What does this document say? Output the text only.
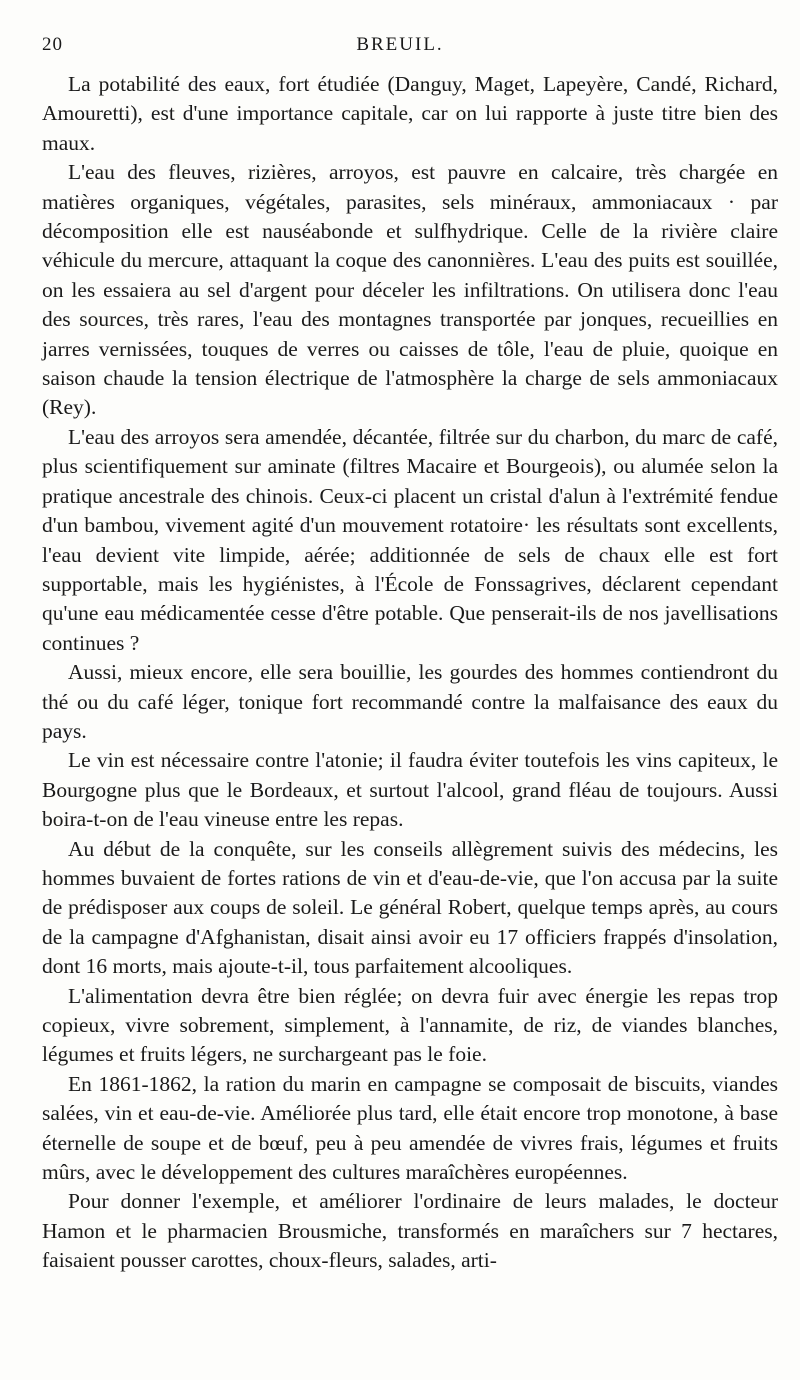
20	BREUIL.

La potabilité des eaux, fort étudiée (Danguy, Maget, Lapeyère, Candé, Richard, Amouretti), est d'une importance capitale, car on lui rapporte à juste titre bien des maux.

L'eau des fleuves, rizières, arroyos, est pauvre en calcaire, très chargée en matières organiques, végétales, parasites, sels minéraux, ammoniacaux · par décomposition elle est nauséabonde et sulfhydrique. Celle de la rivière claire véhicule du mercure, attaquant la coque des canonnières. L'eau des puits est souillée, on les essaiera au sel d'argent pour déceler les infiltrations. On utilisera donc l'eau des sources, très rares, l'eau des montagnes transportée par jonques, recueillies en jarres vernissées, touques de verres ou caisses de tôle, l'eau de pluie, quoique en saison chaude la tension électrique de l'atmosphère la charge de sels ammoniacaux (Rey).

L'eau des arroyos sera amendée, décantée, filtrée sur du charbon, du marc de café, plus scientifiquement sur aminate (filtres Macaire et Bourgeois), ou alumée selon la pratique ancestrale des chinois. Ceux-ci placent un cristal d'alun à l'extrémité fendue d'un bambou, vivement agité d'un mouvement rotatoire· les résultats sont excellents, l'eau devient vite limpide, aérée; additionnée de sels de chaux elle est fort supportable, mais les hygiénistes, à l'École de Fonssagrives, déclarent cependant qu'une eau médicamentée cesse d'être potable. Que penserait-ils de nos javellisations continues ?

Aussi, mieux encore, elle sera bouillie, les gourdes des hommes contiendront du thé ou du café léger, tonique fort recommandé contre la malfaisance des eaux du pays.

Le vin est nécessaire contre l'atonie; il faudra éviter toutefois les vins capiteux, le Bourgogne plus que le Bordeaux, et surtout l'alcool, grand fléau de toujours. Aussi boira-t-on de l'eau vineuse entre les repas.

Au début de la conquête, sur les conseils allègrement suivis des médecins, les hommes buvaient de fortes rations de vin et d'eau-de-vie, que l'on accusa par la suite de prédisposer aux coups de soleil. Le général Robert, quelque temps après, au cours de la campagne d'Afghanistan, disait ainsi avoir eu 17 officiers frappés d'insolation, dont 16 morts, mais ajoute-t-il, tous parfaitement alcooliques.

L'alimentation devra être bien réglée; on devra fuir avec énergie les repas trop copieux, vivre sobrement, simplement, à l'annamite, de riz, de viandes blanches, légumes et fruits légers, ne surchargeant pas le foie.

En 1861-1862, la ration du marin en campagne se composait de biscuits, viandes salées, vin et eau-de-vie. Améliorée plus tard, elle était encore trop monotone, à base éternelle de soupe et de bœuf, peu à peu amendée de vivres frais, légumes et fruits mûrs, avec le développement des cultures maraîchères européennes.

Pour donner l'exemple, et améliorer l'ordinaire de leurs malades, le docteur Hamon et le pharmacien Brousmiche, transformés en maraîchers sur 7 hectares, faisaient pousser carottes, choux-fleurs, salades, arti-
